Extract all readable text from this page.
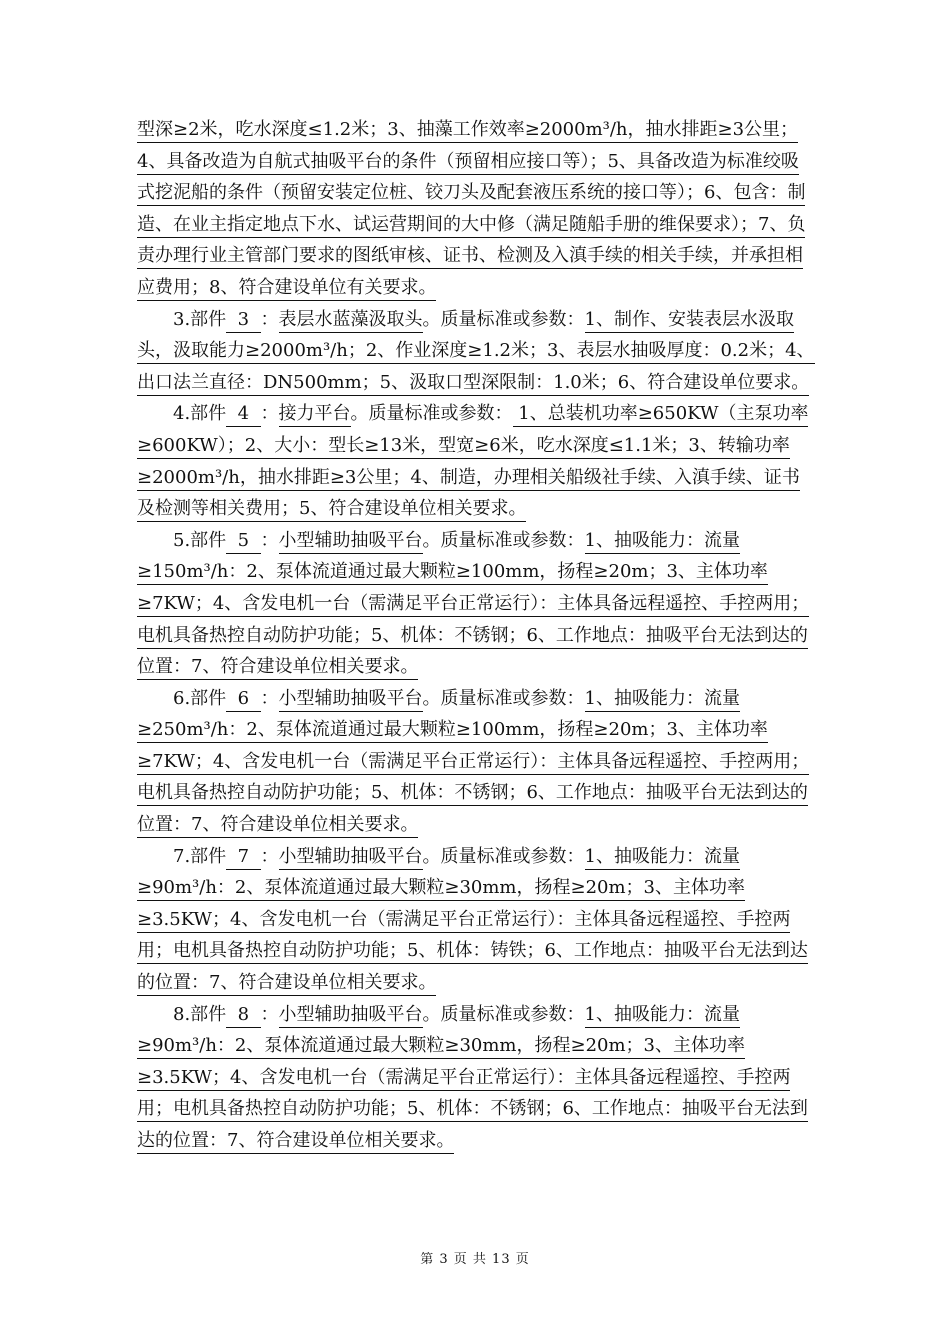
型深≥2米，吃水深度≤1.2米；3、抽藻工作效率≥2000m³/h，抽水排距≥3公里；4、具备改造为自航式抽吸平台的条件（预留相应接口等）；5、具备改造为标准绞吸式挖泥船的条件（预留安装定位桩、铰刀头及配套液压系统的接口等）；6、包含：制造、在业主指定地点下水、试运营期间的大中修（满足随船手册的维保要求）；7、负责办理行业主管部门要求的图纸审核、证书、检测及入滇手续的相关手续，并承担相应费用；8、符合建设单位有关要求。

3.部件  3  ：表层水蓝藻汲取头。质量标准或参数：1、制作、安装表层水汲取头，汲取能力≥2000m³/h；2、作业深度≥1.2米；3、表层水抽吸厚度：0.2米；4、出口法兰直径：DN500mm；5、汲取口型深限制：1.0米；6、符合建设单位要求。

4.部件  4  ：接力平台。质量标准或参数： 1、总装机功率≥650KW（主泵功率≥600KW）；2、大小：型长≥13米，型宽≥6米，吃水深度≤1.1米；3、转输功率≥2000m³/h，抽水排距≥3公里；4、制造，办理相关船级社手续、入滇手续、证书及检测等相关费用；5、符合建设单位相关要求。

5.部件  5  ：小型辅助抽吸平台。质量标准或参数：1、抽吸能力：流量≥150m³/h：2、泵体流道通过最大颗粒≥100mm，扬程≥20m；3、主体功率≥7KW；4、含发电机一台（需满足平台正常运行）：主体具备远程遥控、手控两用；电机具备热控自动防护功能；5、机体：不锈钢；6、工作地点：抽吸平台无法到达的位置：7、符合建设单位相关要求。

6.部件  6  ：小型辅助抽吸平台。质量标准或参数：1、抽吸能力：流量≥250m³/h：2、泵体流道通过最大颗粒≥100mm，扬程≥20m；3、主体功率≥7KW；4、含发电机一台（需满足平台正常运行）：主体具备远程遥控、手控两用；电机具备热控自动防护功能；5、机体：不锈钢；6、工作地点：抽吸平台无法到达的位置：7、符合建设单位相关要求。

7.部件  7  ：小型辅助抽吸平台。质量标准或参数：1、抽吸能力：流量≥90m³/h：2、泵体流道通过最大颗粒≥30mm，扬程≥20m；3、主体功率≥3.5KW；4、含发电机一台（需满足平台正常运行）：主体具备远程遥控、手控两用；电机具备热控自动防护功能；5、机体：铸铁；6、工作地点：抽吸平台无法到达的位置：7、符合建设单位相关要求。

8.部件  8  ：小型辅助抽吸平台。质量标准或参数：1、抽吸能力：流量≥90m³/h：2、泵体流道通过最大颗粒≥30mm，扬程≥20m；3、主体功率≥3.5KW；4、含发电机一台（需满足平台正常运行）：主体具备远程遥控、手控两用；电机具备热控自动防护功能；5、机体：不锈钢；6、工作地点：抽吸平台无法到达的位置：7、符合建设单位相关要求。

第 3 页 共 13 页
